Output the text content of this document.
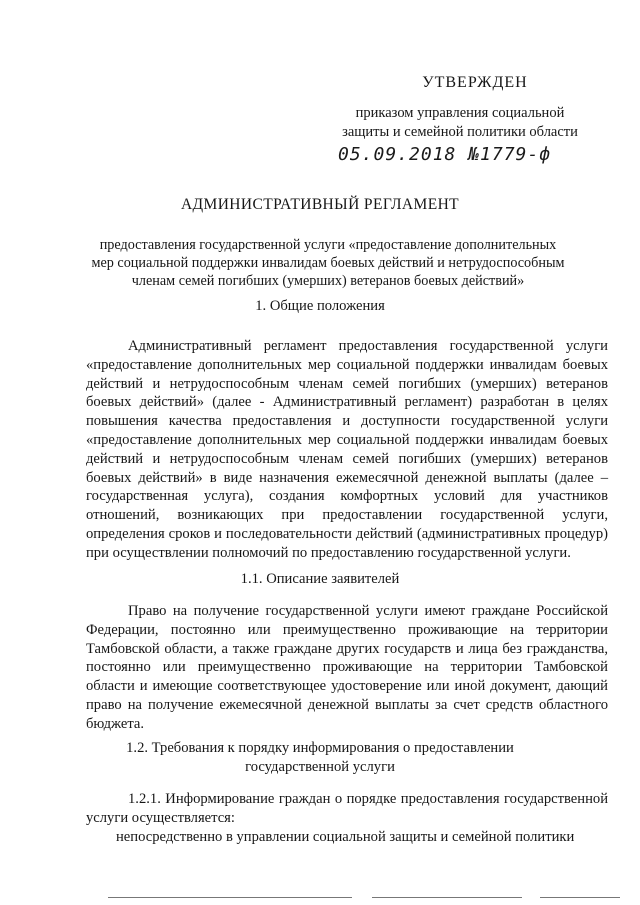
УТВЕРЖДЕН
приказом управления социальной
защиты и семейной политики области
05.09.2018 №1779-ф
АДМИНИСТРАТИВНЫЙ РЕГЛАМЕНТ
предоставления государственной услуги «предоставление дополнительных мер социальной поддержки инвалидам боевых действий и нетрудоспособным членам семей погибших (умерших) ветеранов боевых действий»
1. Общие положения

Административный регламент предоставления государственной услуги «предоставление дополнительных мер социальной поддержки инвалидам боевых действий и нетрудоспособным членам семей погибших (умерших) ветеранов боевых действий» (далее - Административный регламент) разработан в целях повышения качества предоставления и доступности государственной услуги «предоставление дополнительных мер социальной поддержки инвалидам боевых действий и нетрудоспособным членам семей погибших (умерших) ветеранов боевых действий» в виде назначения ежемесячной денежной выплаты (далее – государственная услуга), создания комфортных условий для участников отношений, возникающих при предоставлении государственной услуги, определения сроков и последовательности действий (административных процедур) при осуществлении полномочий по предоставлению государственной услуги.

1.1. Описание заявителей

Право на получение государственной услуги имеют граждане Российской Федерации, постоянно или преимущественно проживающие на территории Тамбовской области, а также граждане других государств и лица без гражданства, постоянно или преимущественно проживающие на территории Тамбовской области и имеющие соответствующее удостоверение или иной документ, дающий право на получение ежемесячной денежной выплаты за счет средств областного бюджета.

1.2. Требования к порядку информирования о предоставлении
государственной услуги

1.2.1. Информирование граждан о порядке предоставления государственной услуги осуществляется:

непосредственно в управлении социальной защиты и семейной политики
